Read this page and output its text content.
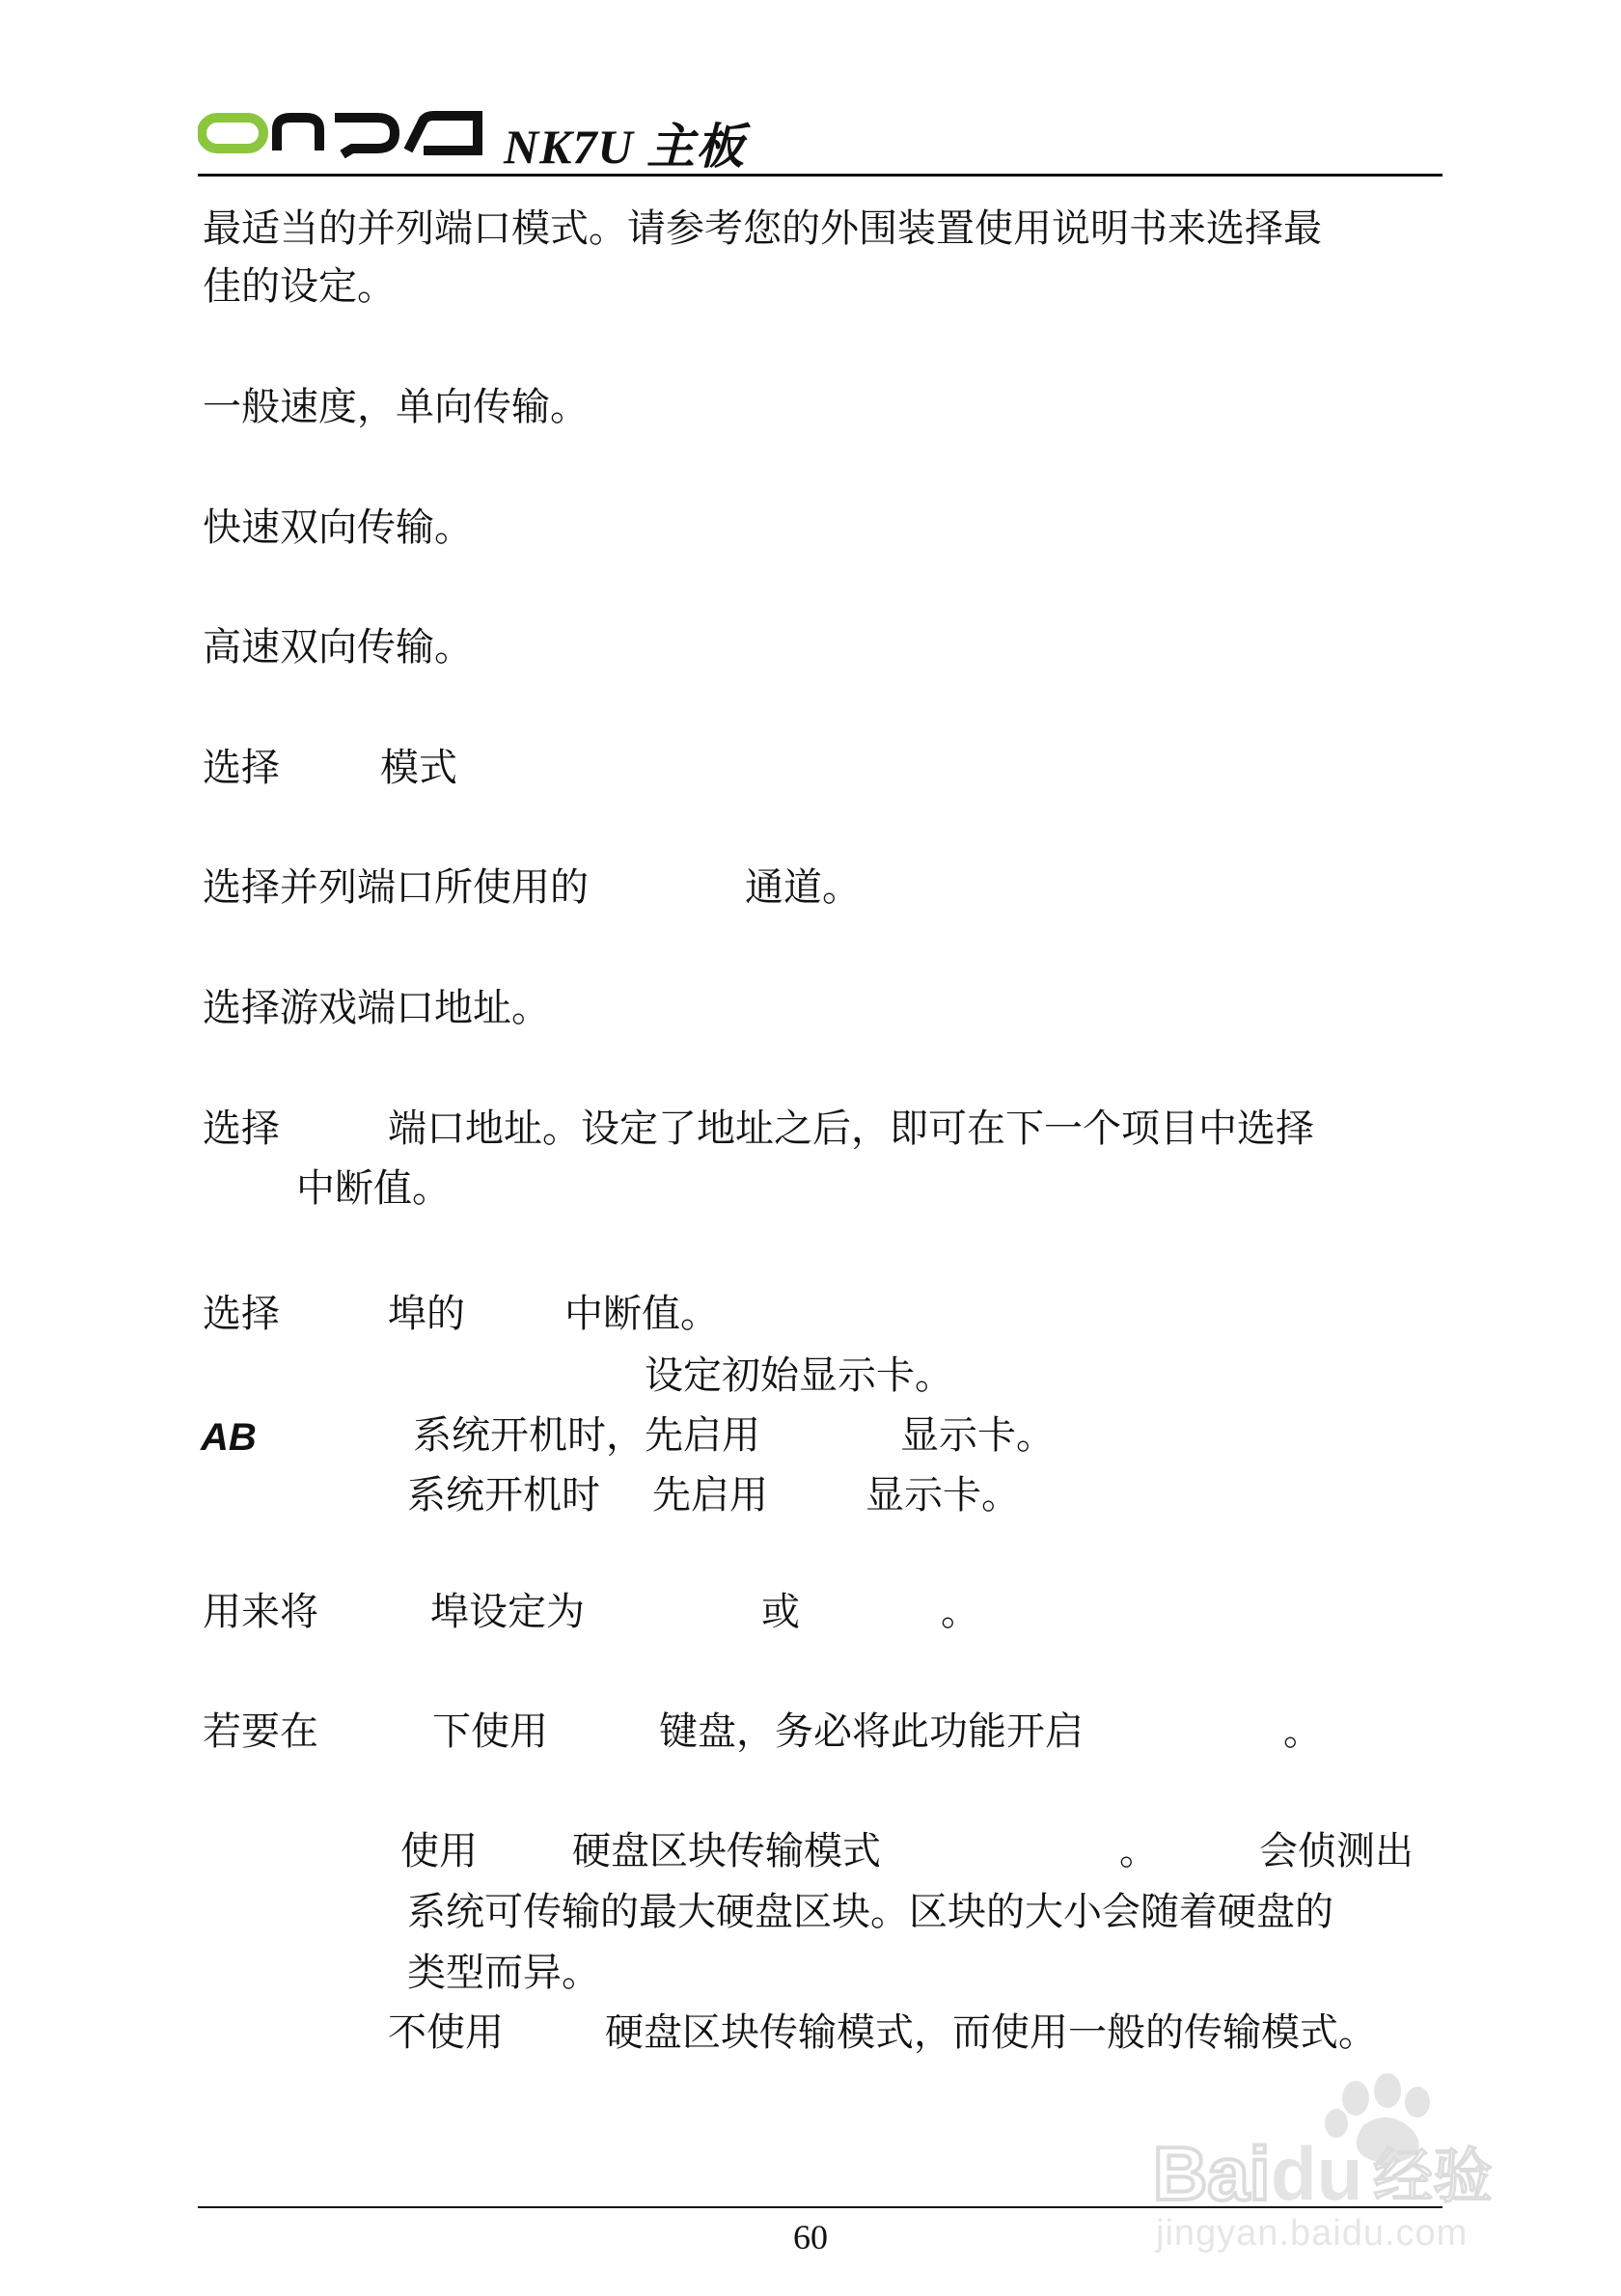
NK7U 主板
最适当的并列端口模式。请参考您的外围装置使用说明书来选择最
佳的设定。
一般速度，单向传输。
快速双向传输。
高速双向传输。
选择	模式
选择并列端口所使用的	通道。
选择游戏端口地址。
选择	端口地址。设定了地址之后，即可在下一个项目中选择
中断值。
选择	埠的	中断值。
设定初始显示卡。
AB	系统开机时，先启用	显示卡。
系统开机时 先启用	显示卡。
用来将	埠设定为	或	。
若要在	下使用	键盘，务必将此功能开启	。
使用 硬盘区块传输模式	。	会侦测出
系统可传输的最大硬盘区块。区块的大小会随着硬盘的
类型而异。
不使用	硬盘区块传输模式，而使用一般的传输模式。
60
Bai du 经验
jingyan.baidu.com
